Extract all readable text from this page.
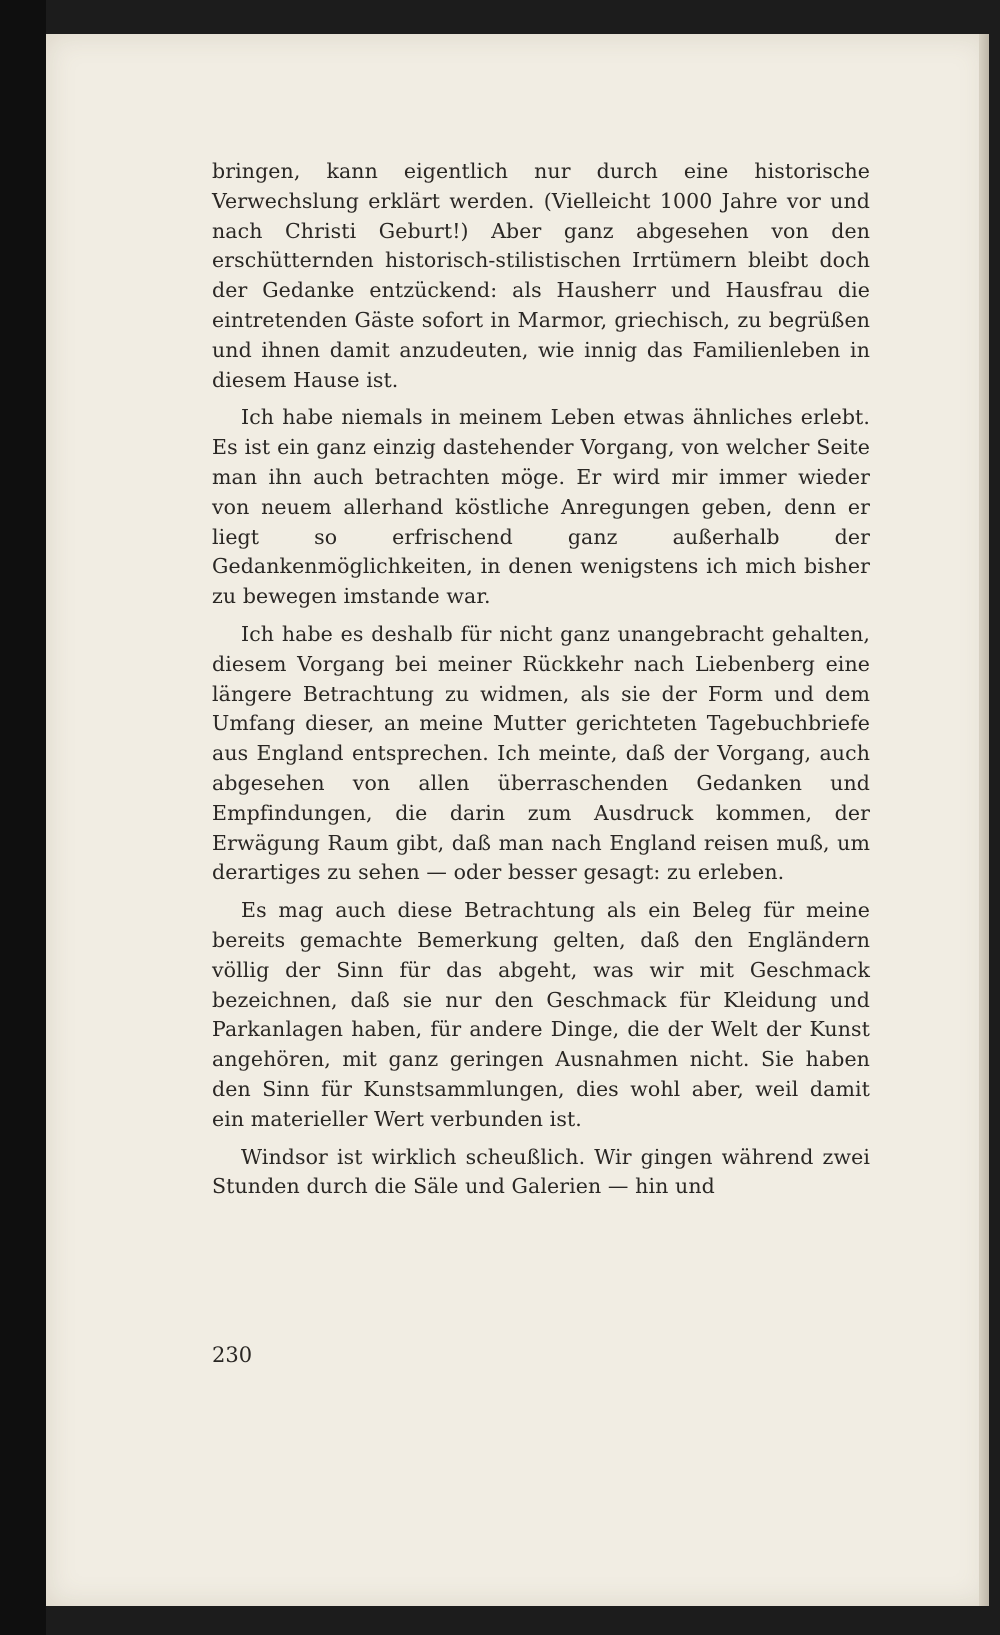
bringen, kann eigentlich nur durch eine historische Verwechslung erklärt werden. (Vielleicht 1000 Jahre vor und nach Christi Geburt!) Aber ganz abgesehen von den erschütternden historisch-stilistischen Irrtümern bleibt doch der Gedanke entzückend: als Hausherr und Hausfrau die eintretenden Gäste sofort in Marmor, griechisch, zu begrüßen und ihnen damit anzudeuten, wie innig das Familienleben in diesem Hause ist.

Ich habe niemals in meinem Leben etwas ähnliches erlebt. Es ist ein ganz einzig dastehender Vorgang, von welcher Seite man ihn auch betrachten möge. Er wird mir immer wieder von neuem allerhand köstliche Anregungen geben, denn er liegt so erfrischend ganz außerhalb der Gedankenmöglichkeiten, in denen wenigstens ich mich bisher zu bewegen imstande war.

Ich habe es deshalb für nicht ganz unangebracht gehalten, diesem Vorgang bei meiner Rückkehr nach Liebenberg eine längere Betrachtung zu widmen, als sie der Form und dem Umfang dieser, an meine Mutter gerichteten Tagebuchbriefe aus England entsprechen. Ich meinte, daß der Vorgang, auch abgesehen von allen überraschenden Gedanken und Empfindungen, die darin zum Ausdruck kommen, der Erwägung Raum gibt, daß man nach England reisen muß, um derartiges zu sehen — oder besser gesagt: zu erleben.

Es mag auch diese Betrachtung als ein Beleg für meine bereits gemachte Bemerkung gelten, daß den Engländern völlig der Sinn für das abgeht, was wir mit Geschmack bezeichnen, daß sie nur den Geschmack für Kleidung und Parkanlagen haben, für andere Dinge, die der Welt der Kunst angehören, mit ganz geringen Ausnahmen nicht. Sie haben den Sinn für Kunstsammlungen, dies wohl aber, weil damit ein materieller Wert verbunden ist.

Windsor ist wirklich scheußlich. Wir gingen während zwei Stunden durch die Säle und Galerien — hin und

230
